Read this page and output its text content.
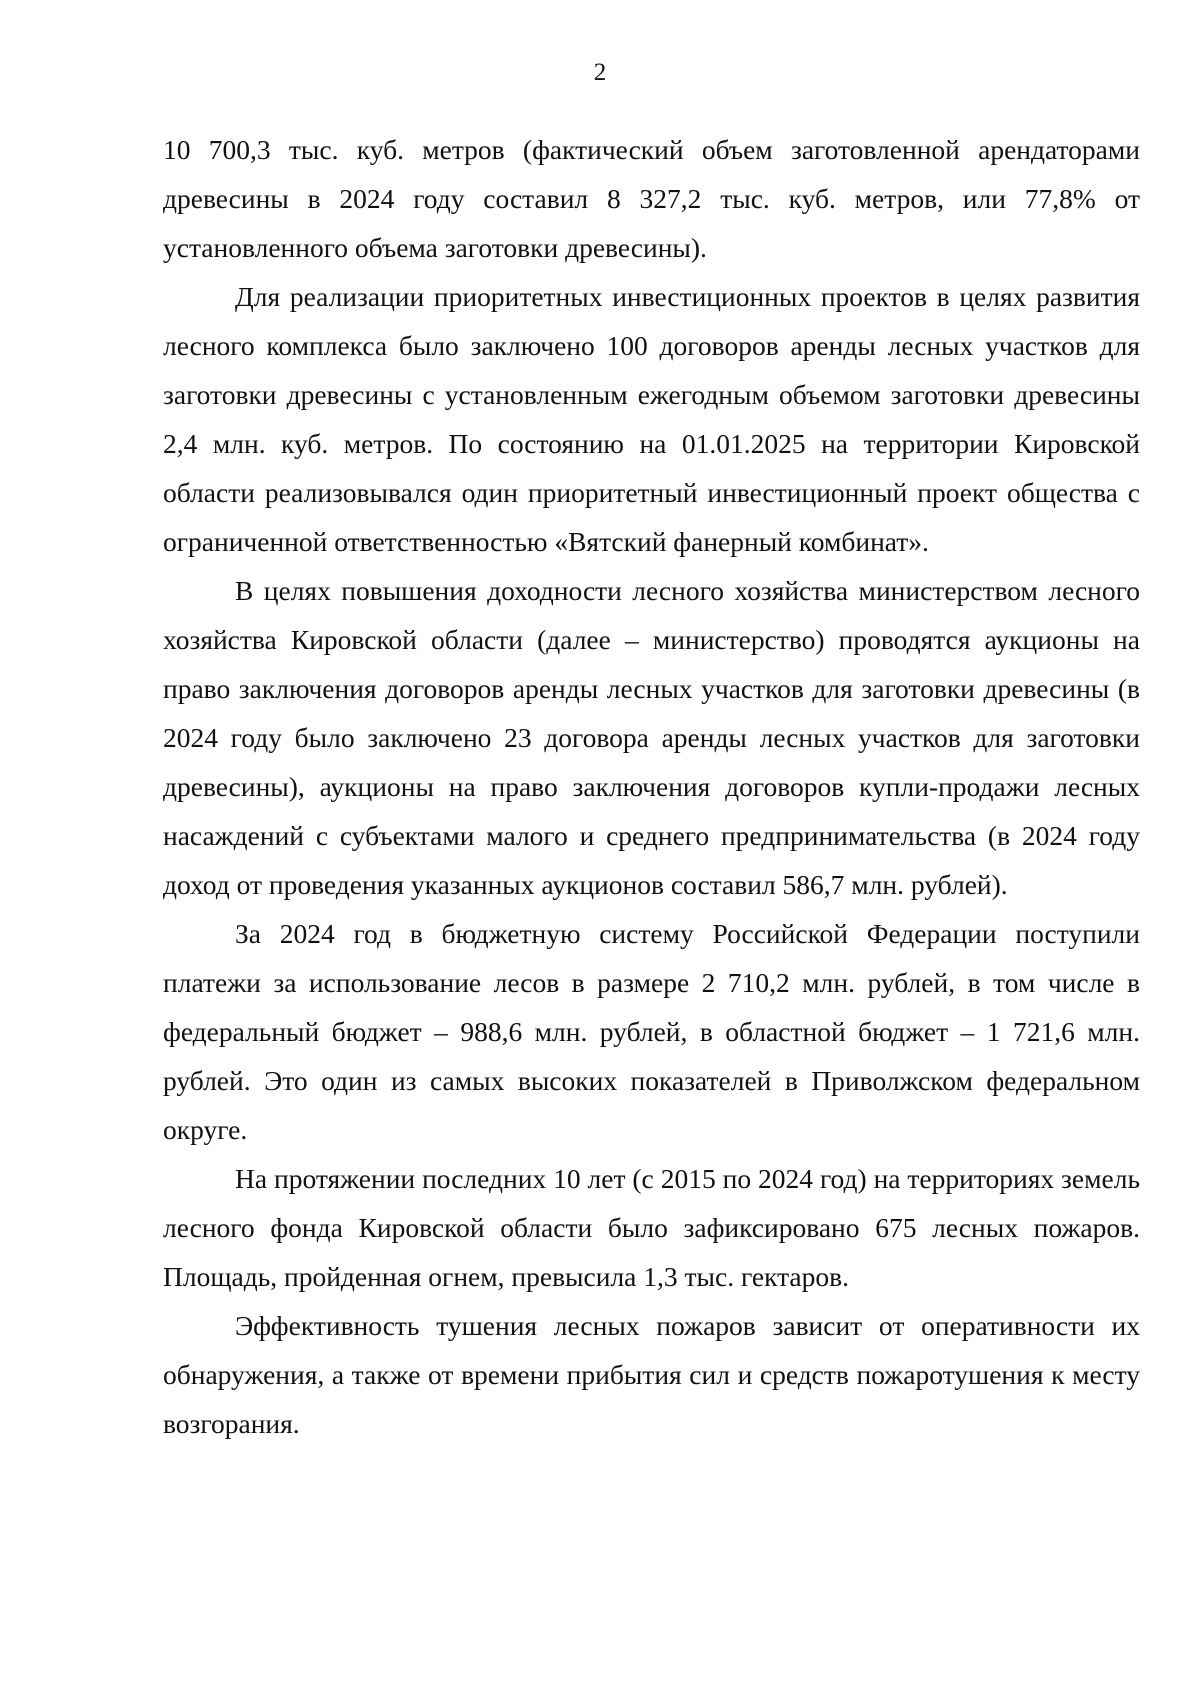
2

10 700,3 тыс. куб. метров (фактический объем заготовленной арендаторами древесины в 2024 году составил 8 327,2 тыс. куб. метров, или 77,8% от установленного объема заготовки древесины).

Для реализации приоритетных инвестиционных проектов в целях развития лесного комплекса было заключено 100 договоров аренды лесных участков для заготовки древесины с установленным ежегодным объемом заготовки древесины 2,4 млн. куб. метров. По состоянию на 01.01.2025 на территории Кировской области реализовывался один приоритетный инвестиционный проект общества с ограниченной ответственностью «Вятский фанерный комбинат».

В целях повышения доходности лесного хозяйства министерством лесного хозяйства Кировской области (далее – министерство) проводятся аукционы на право заключения договоров аренды лесных участков для заготовки древесины (в 2024 году было заключено 23 договора аренды лесных участков для заготовки древесины), аукционы на право заключения договоров купли-продажи лесных насаждений с субъектами малого и среднего предпринимательства (в 2024 году доход от проведения указанных аукционов составил 586,7 млн. рублей).

За 2024 год в бюджетную систему Российской Федерации поступили платежи за использование лесов в размере 2 710,2 млн. рублей, в том числе в федеральный бюджет – 988,6 млн. рублей, в областной бюджет – 1 721,6 млн. рублей. Это один из самых высоких показателей в Приволжском федеральном округе.

На протяжении последних 10 лет (с 2015 по 2024 год) на территориях земель лесного фонда Кировской области было зафиксировано 675 лесных пожаров. Площадь, пройденная огнем, превысила 1,3 тыс. гектаров.

Эффективность тушения лесных пожаров зависит от оперативности их обнаружения, а также от времени прибытия сил и средств пожаротушения к месту возгорания.
